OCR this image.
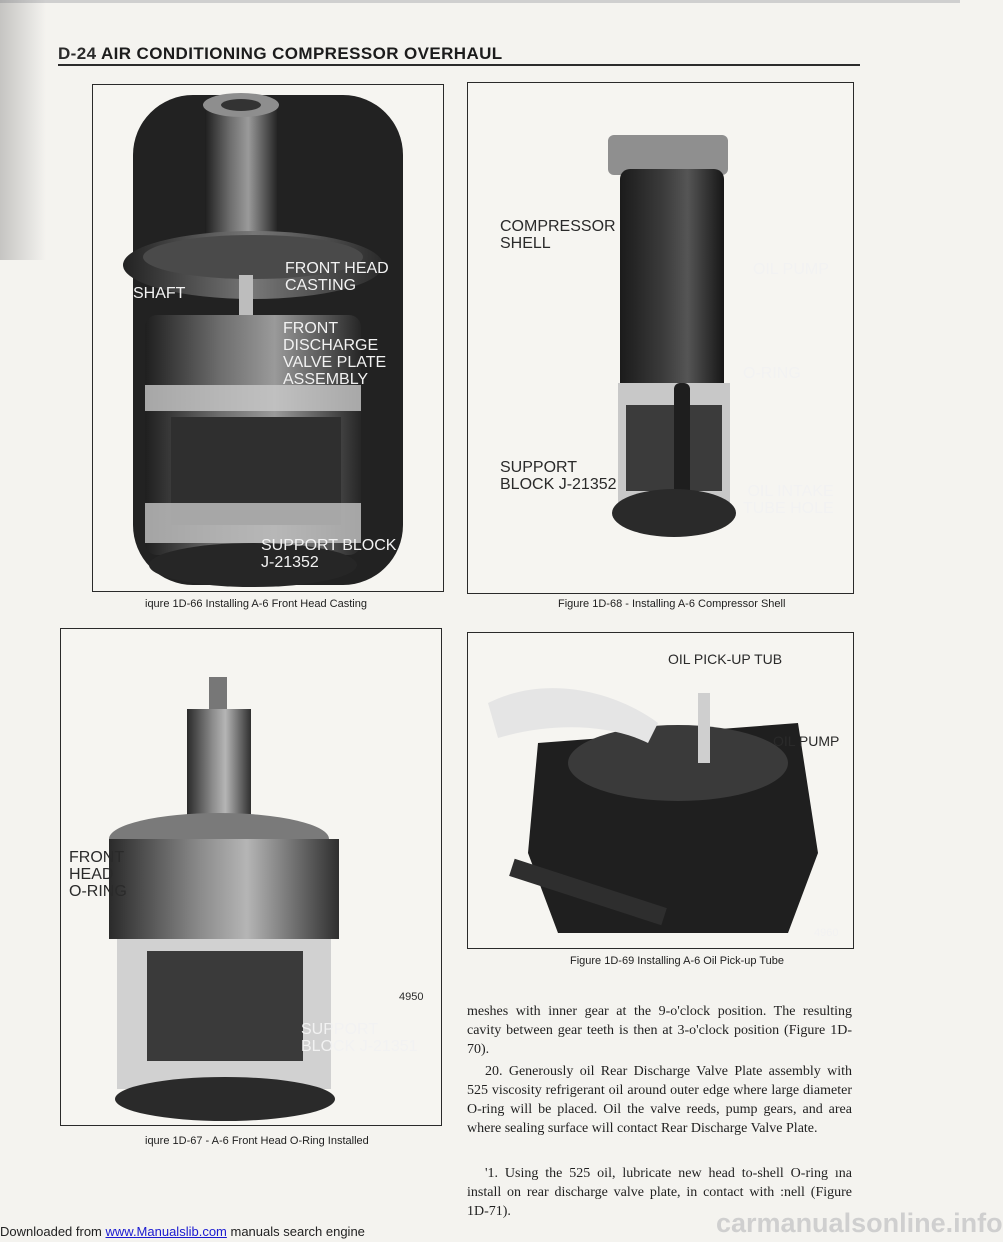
D-24 AIR CONDITIONING COMPRESSOR OVERHAUL
SHAFT
FRONT HEAD
CASTING
FRONT
DISCHARGE
VALVE PLATE
ASSEMBLY
SUPPORT BLOCK
J-21352
iqure 1D-66 Installing A-6 Front Head Casting
COMPRESSOR
SHELL
OIL PUMP
O-RING
SUPPORT
BLOCK J-21352	OIL INTAKE
TUBE HOLE
Figure 1D-68 - Installing A-6 Compressor Shell
FRONT
HEAD
O-RING
SUPPORT
BLOCK J-21351
4950
iqure 1D-67 - A-6 Front Head O-Ring Installed
OIL PICK-UP TUB
OIL PUMP
4960
Figure 1D-69 Installing A-6 Oil Pick-up Tube
meshes with inner gear at the 9-o'clock position. The resulting cavity between gear teeth is then at 3-o'clock position (Figure 1D-70).
20. Generously oil Rear Discharge Valve Plate assembly with 525 viscosity refrigerant oil around outer edge where large diameter O-ring will be placed. Oil the valve reeds, pump gears, and area where sealing surface will contact Rear Discharge Valve Plate.
'1. Using the 525 oil, lubricate new head to-shell O-ring ına install on rear discharge valve plate, in contact with :nell (Figure 1D-71).	carmanualsonline.info
Downloaded from www.Manualslib.com manuals search engine
